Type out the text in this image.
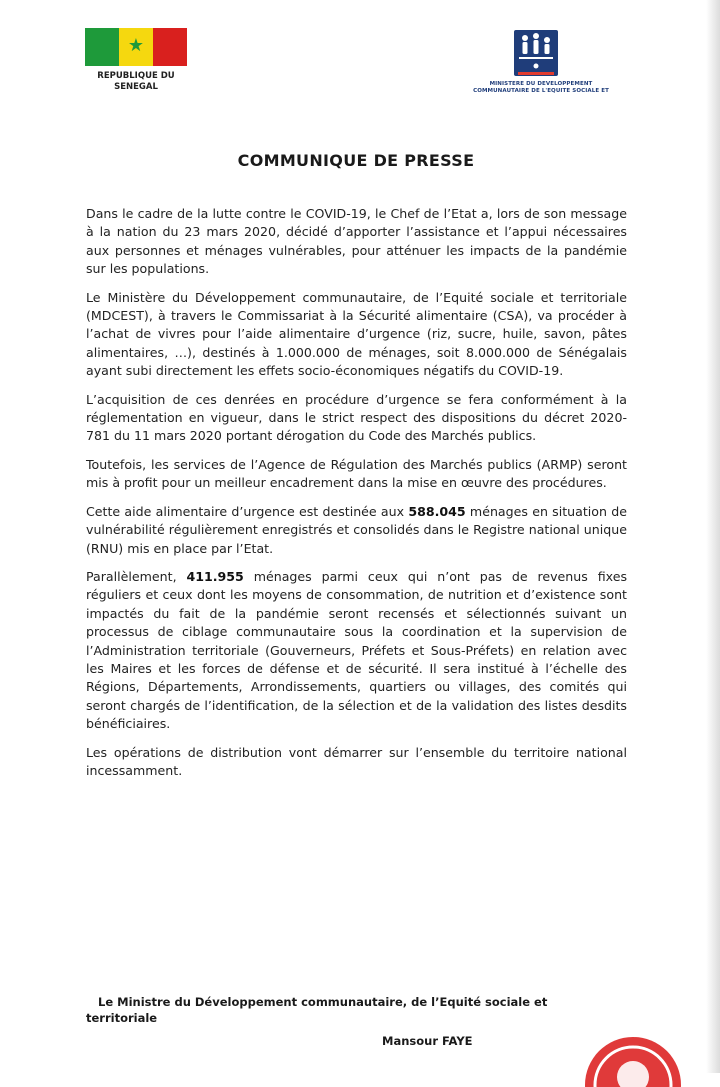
★
REPUBLIQUE DU
SENEGAL	MINISTERE DU DEVELOPPEMENT
COMMUNAUTAIRE DE L'EQUITE SOCIALE ET
COMMUNIQUE DE PRESSE

Dans le cadre de la lutte contre le COVID-19, le Chef de l’Etat a, lors de son message à la nation du 23 mars 2020, décidé d’apporter l’assistance et l’appui nécessaires aux personnes et ménages vulnérables, pour atténuer les impacts de la pandémie sur les populations.

Le Ministère du Développement communautaire, de l’Equité sociale et territoriale (MDCEST), à travers le Commissariat à la Sécurité alimentaire (CSA), va procéder à l’achat de vivres pour l’aide alimentaire d’urgence (riz, sucre, huile, savon, pâtes alimentaires, …), destinés à 1.000.000 de ménages, soit 8.000.000 de Sénégalais ayant subi directement les effets socio-économiques négatifs du COVID-19.

L’acquisition de ces denrées en procédure d’urgence se fera conformément à la réglementation en vigueur, dans le strict respect des dispositions du décret 2020-781 du 11 mars 2020 portant dérogation du Code des Marchés publics.

Toutefois, les services de l’Agence de Régulation des Marchés publics (ARMP) seront mis à profit pour un meilleur encadrement dans la mise en œuvre des procédures.

Cette aide alimentaire d’urgence est destinée aux 588.045 ménages en situation de vulnérabilité régulièrement enregistrés et consolidés dans le Registre national unique (RNU) mis en place par l’Etat.

Parallèlement, 411.955 ménages parmi ceux qui n’ont pas de revenus fixes réguliers et ceux dont les moyens de consommation, de nutrition et d’existence sont impactés du fait de la pandémie seront recensés et sélectionnés suivant un processus de ciblage communautaire sous la coordination et la supervision de l’Administration territoriale (Gouverneurs, Préfets et Sous-Préfets) en relation avec les Maires et les forces de défense et de sécurité. Il sera institué à l’échelle des Régions, Départements, Arrondissements, quartiers ou villages, des comités qui seront chargés de l’identification, de la sélection et de la validation des listes desdits bénéficiaires.

Les opérations de distribution vont démarrer sur l’ensemble du territoire national incessamment.

Le Ministre du Développement communautaire, de l’Equité sociale et territoriale
Mansour FAYE
